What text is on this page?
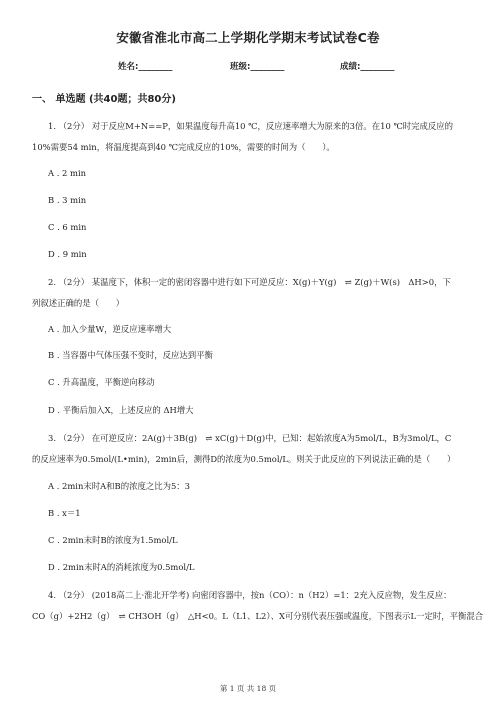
安徽省淮北市高二上学期化学期末考试试卷C卷
姓名:________	班级:________	成绩:________
一、 单选题 (共40题；共80分)
1. （2分） 对于反应M+N==P，如果温度每升高10 ℃，反应速率增大为原来的3倍。在10 ℃时完成反应的
10%需要54 min，将温度提高到40 ℃完成反应的10%，需要的时间为（　　）。
A . 2 min
B . 3 min
C . 6 min
D . 9 min
2. （2分） 某温度下，体积一定的密闭容器中进行如下可逆反应：X(g)＋Y(g)　⇌ Z(g)＋W(s)　ΔH>0，下
列叙述正确的是（　　）
A . 加入少量W，逆反应速率增大
B . 当容器中气体压强不变时，反应达到平衡
C . 升高温度，平衡逆向移动
D . 平衡后加入X，上述反应的 ΔH增大
3. （2分） 在可逆反应：2A(g)＋3B(g)　⇌ xC(g)＋D(g)中，已知：起始浓度A为5mol/L，B为3mol/L，C
的反应速率为0.5mol/(L•min)，2min后，测得D的浓度为0.5mol/L。则关于此反应的下列说法正确的是（　　）
A . 2min末时A和B的浓度之比为5：3
B . x＝1
C . 2min末时B的浓度为1.5mol/L
D . 2min末时A的消耗浓度为0.5mol/L
4. （2分） (2018高二上·淮北开学考) 向密闭容器中，按n（CO）：n（H2）=1：2充入反应物，发生反应：
CO（g）+2H2（g）　⇌ CH3OH（g）　△H<0。L（L1、L2）、X可分别代表压强或温度，下图表示L一定时，平衡混合
第 1 页 共 18 页
